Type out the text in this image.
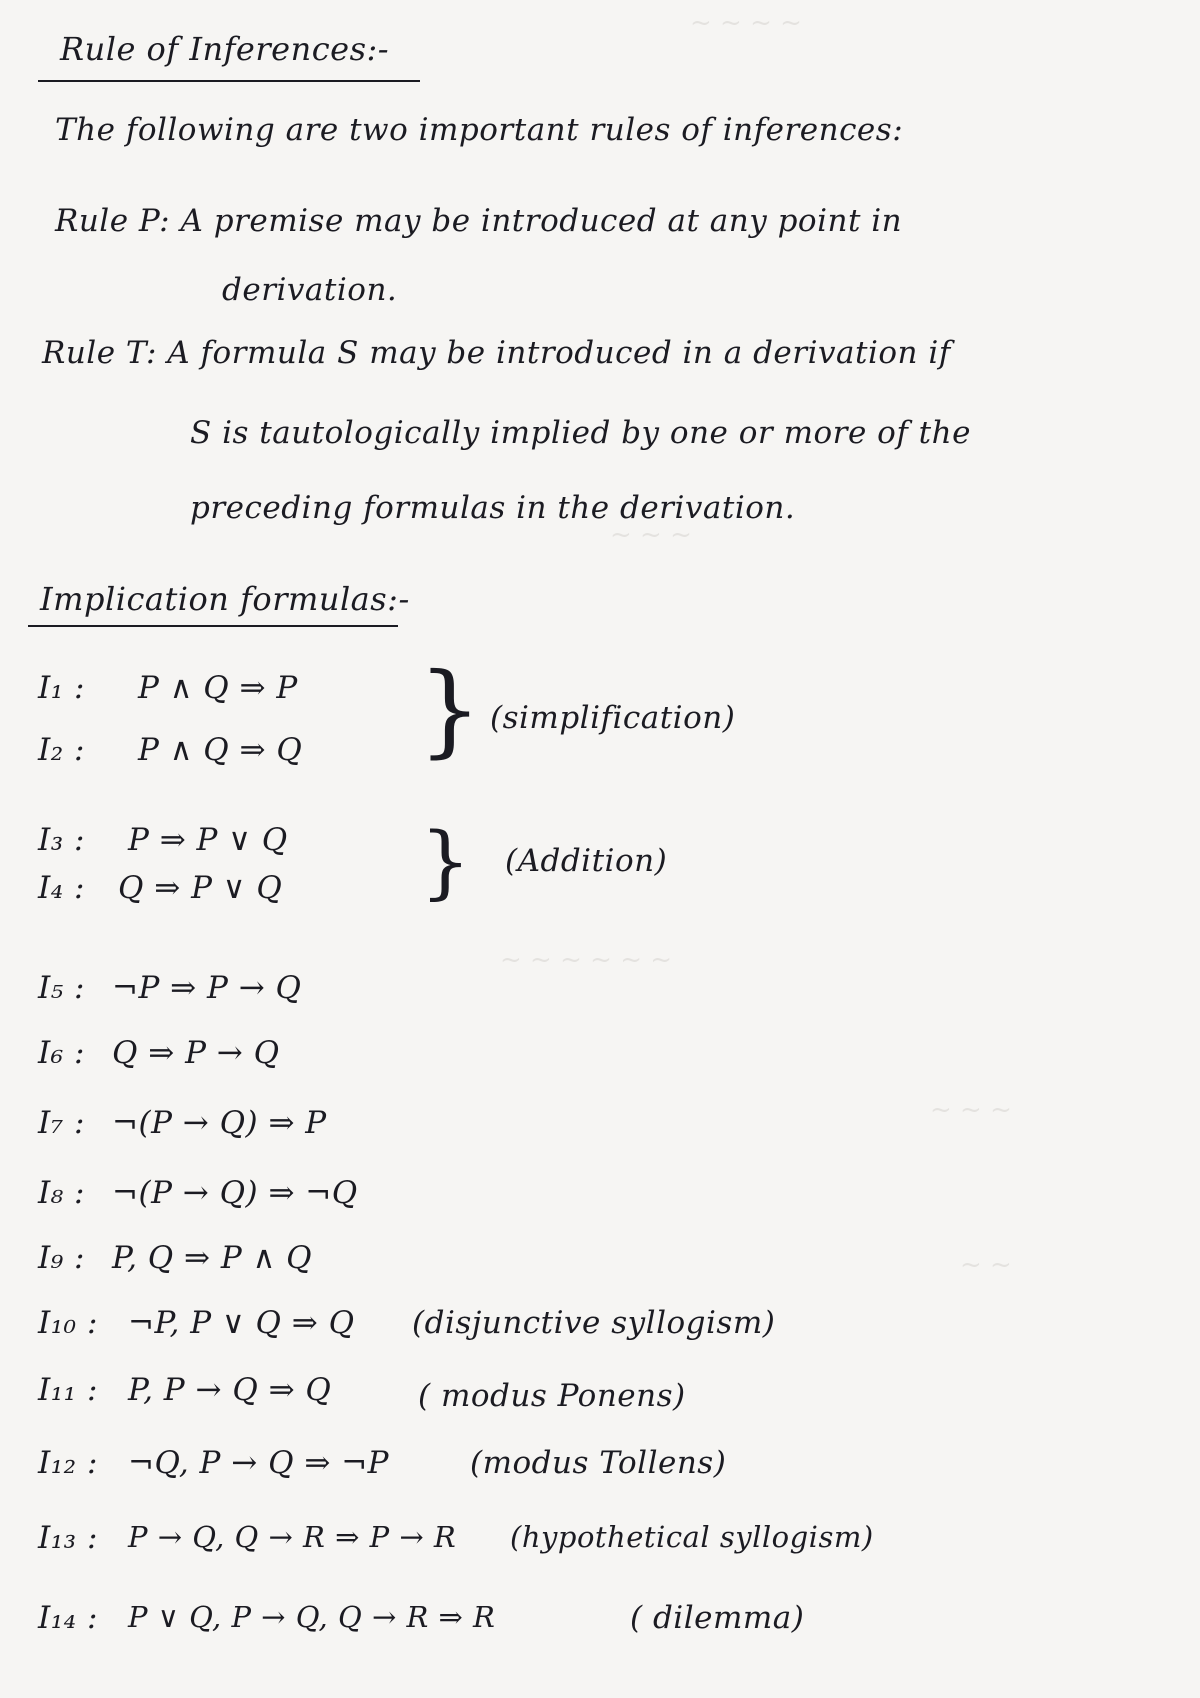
~ ~ ~ ~
~ ~ ~
~ ~ ~ ~ ~ ~
~ ~ ~
~ ~
Rule of Inferences:-
The following are two important rules of inferences:
Rule P: A premise may be introduced at any point in
derivation.
Rule T: A formula S may be introduced in a derivation if
S is tautologically implied by one or more of the
preceding formulas in the derivation.
Implication formulas:-
I₁ : P ∧ Q ⇒ P
I₂ : P ∧ Q ⇒ Q } (simplification)
I₃ : P ⇒ P ∨ Q
I₄ : Q ⇒ P ∨ Q } (Addition)
I₅ : ¬P ⇒ P → Q
I₆ : Q ⇒ P → Q
I₇ : ¬(P → Q) ⇒ P
I₈ : ¬(P → Q) ⇒ ¬Q
I₉ : P, Q ⇒ P ∧ Q
I₁₀ : ¬P, P ∨ Q ⇒ Q (disjunctive syllogism)
I₁₁ : P, P → Q ⇒ Q	( modus Ponens)
I₁₂ : ¬Q, P → Q ⇒ ¬P	(modus Tollens)
I₁₃ : P → Q, Q → R ⇒ P → R (hypothetical syllogism)
I₁₄ : P ∨ Q, P → Q, Q → R ⇒ R	( dilemma)
